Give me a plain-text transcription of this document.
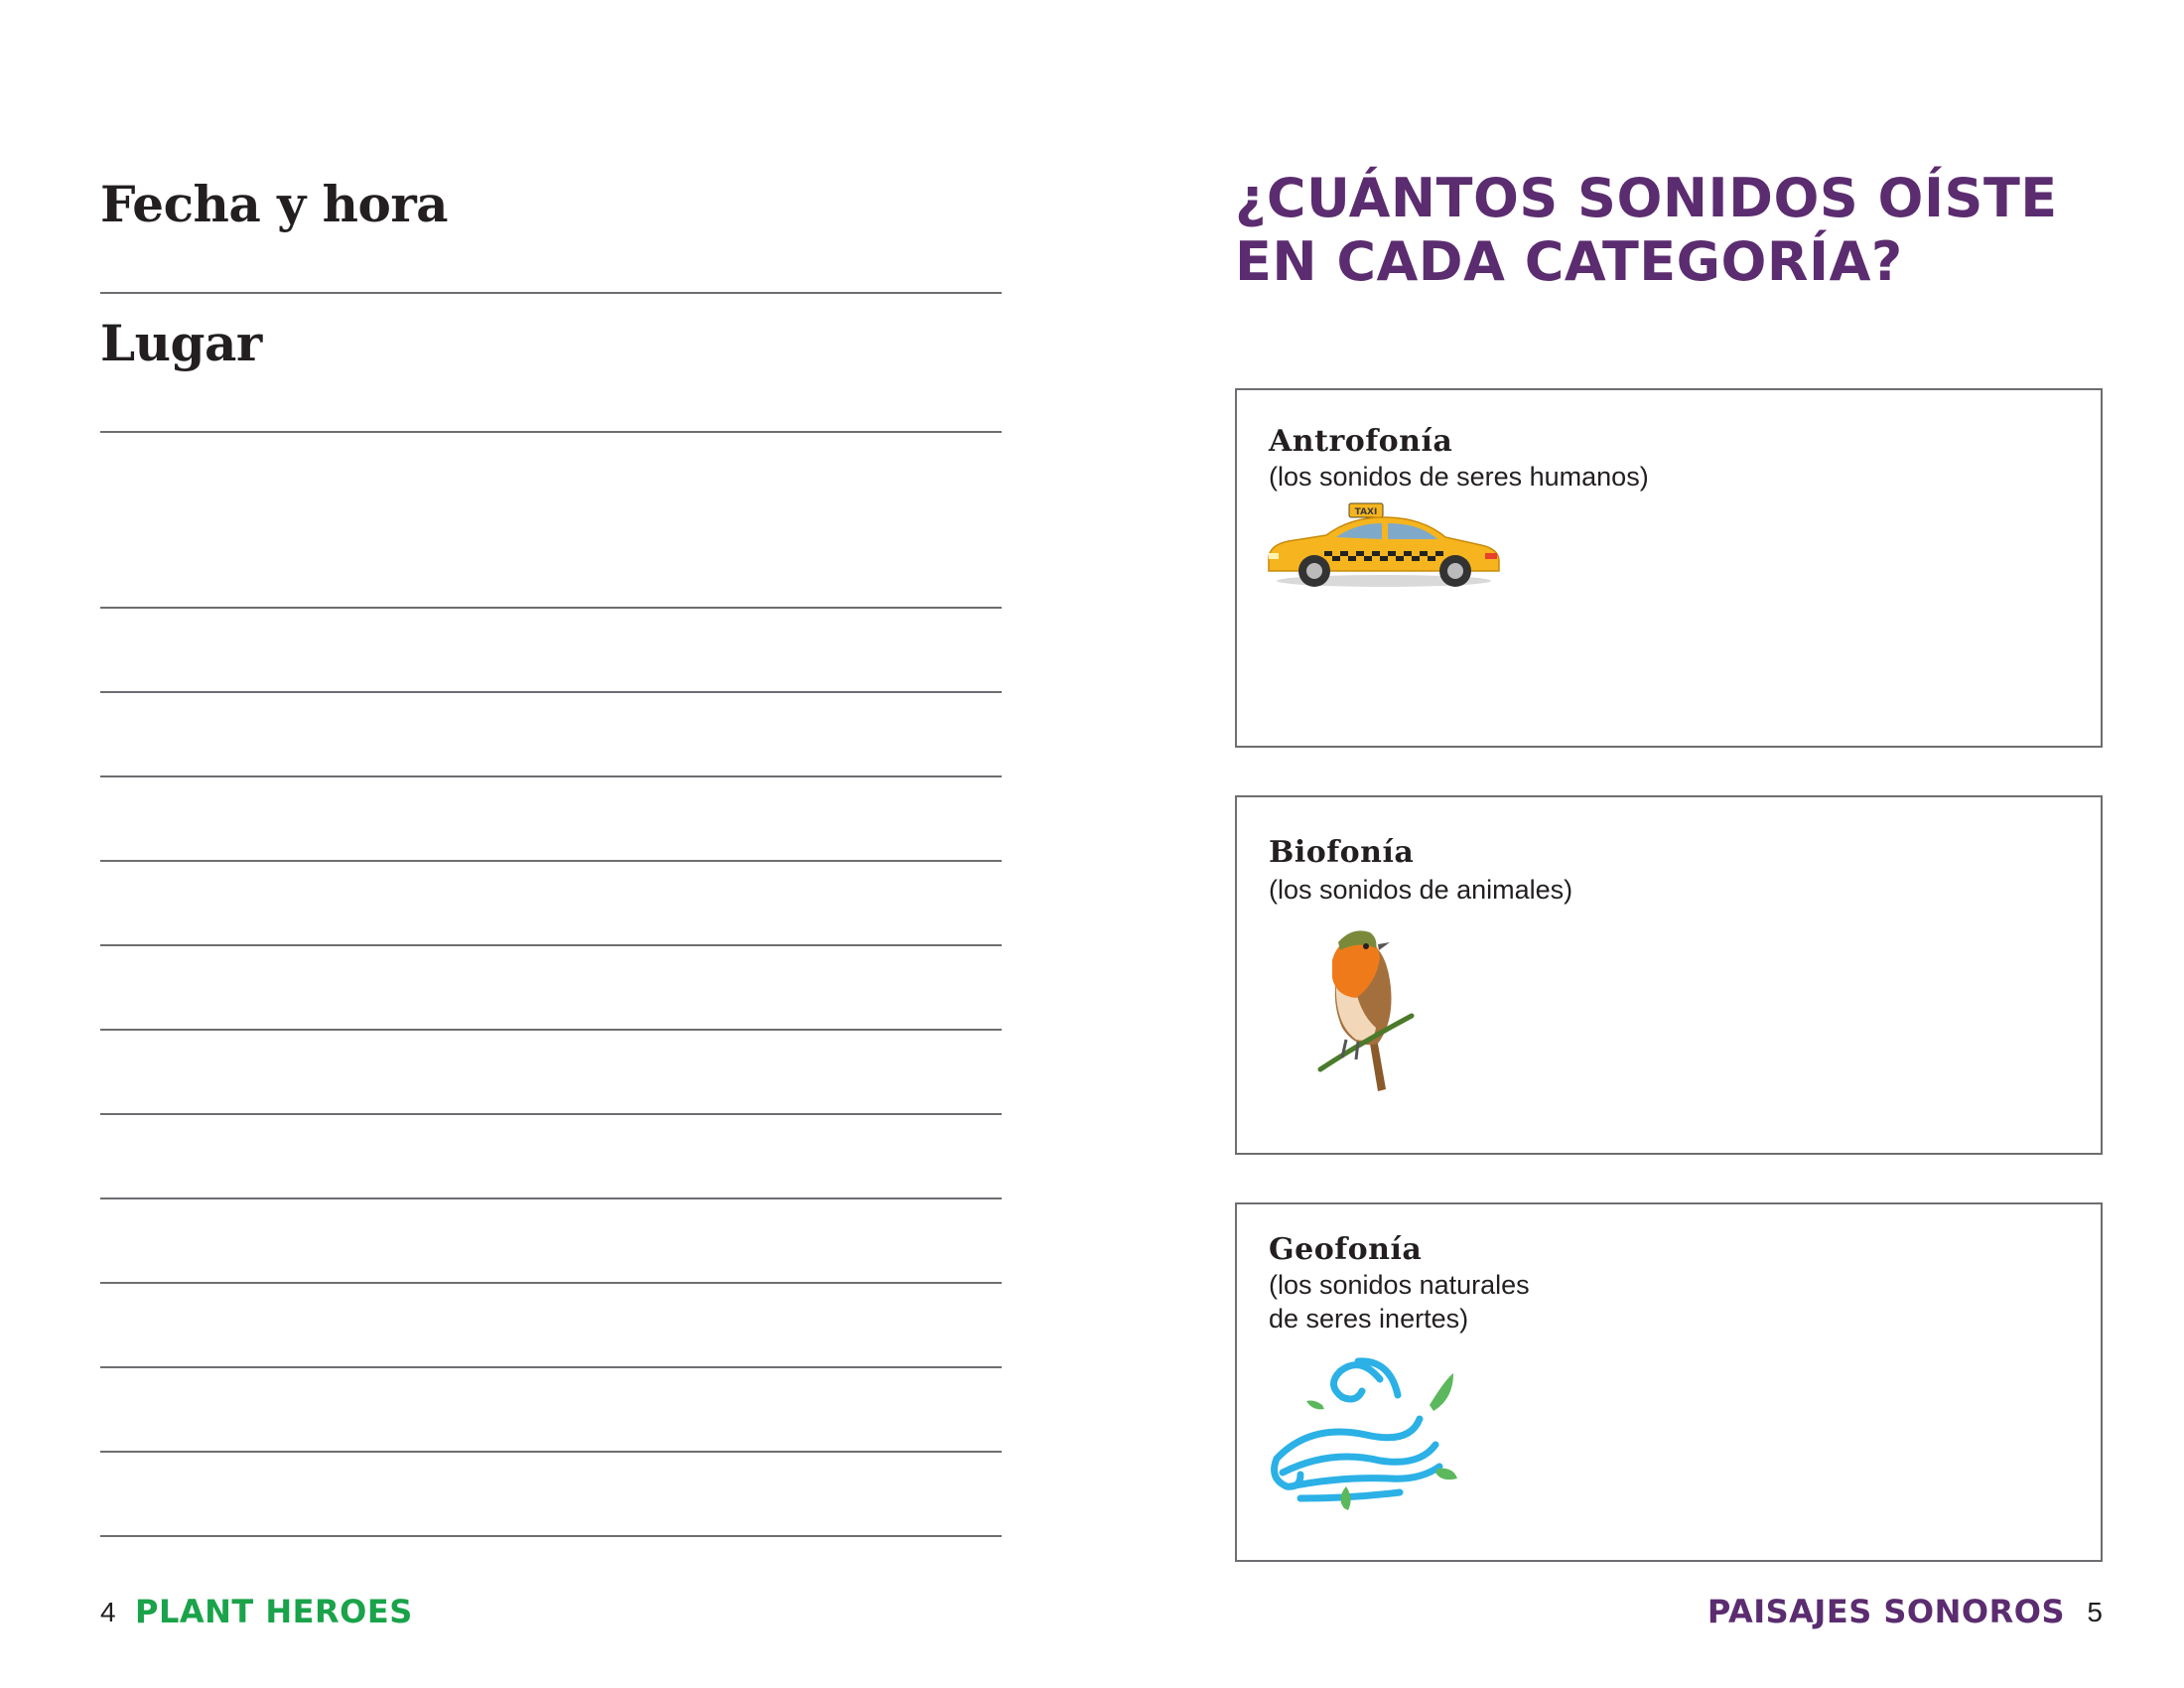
Fecha y hora
Lugar
¿CUÁNTOS SONIDOS OÍSTE
EN CADA CATEGORÍA?
Antrofonía

(los sonidos de seres humanos)

TAXI
Biofonía

(los sonidos de animales)

Geofonía

(los sonidos naturales
de seres inertes)

4 PLANT HEROES	PAISAJES SONOROS 5
